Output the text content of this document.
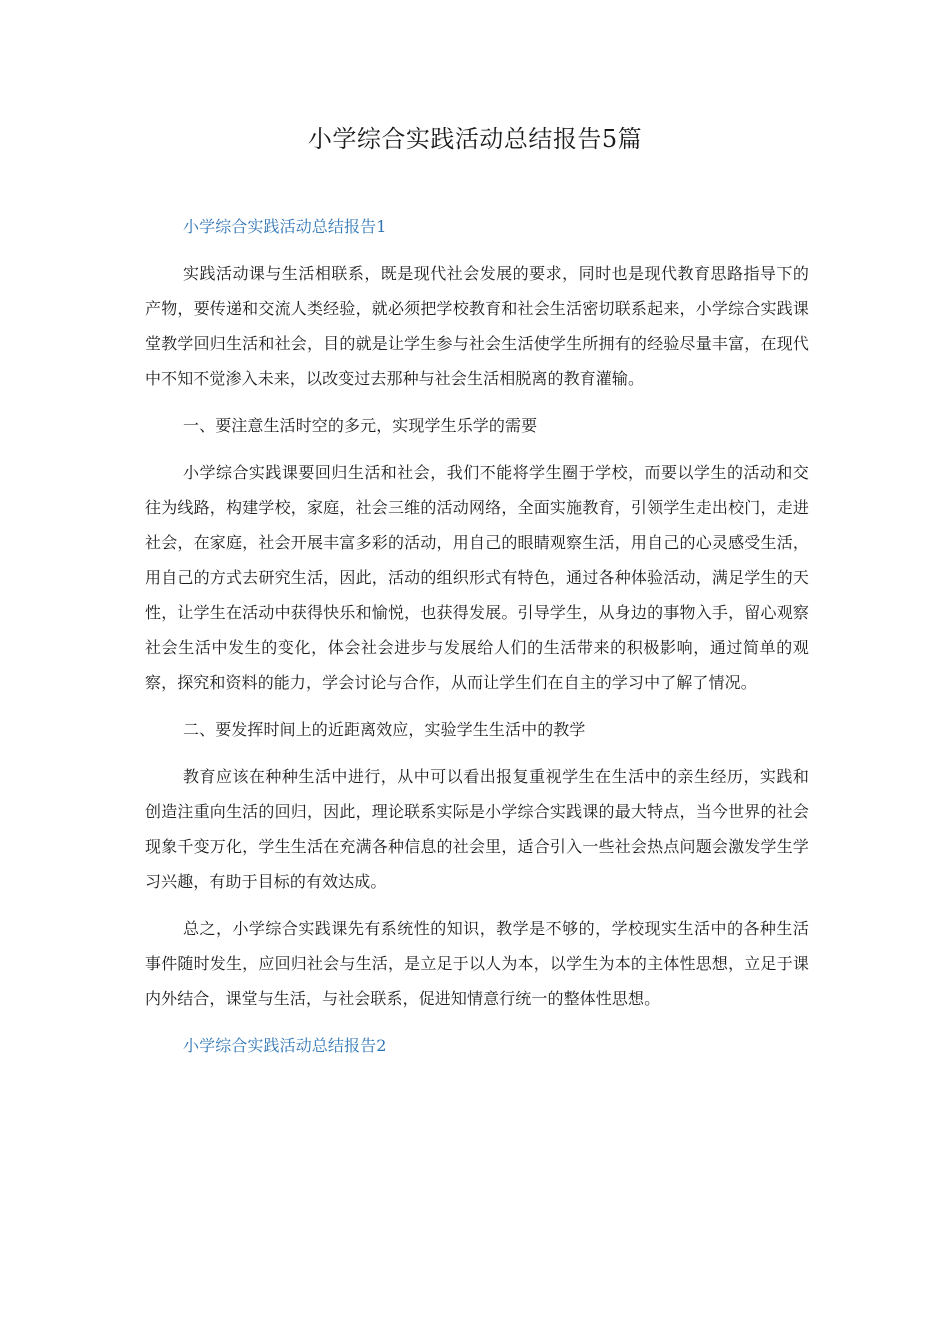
小学综合实践活动总结报告5篇

小学综合实践活动总结报告1

实践活动课与生活相联系，既是现代社会发展的要求，同时也是现代教育思路指导下的产物，要传递和交流人类经验，就必须把学校教育和社会生活密切联系起来，小学综合实践课堂教学回归生活和社会，目的就是让学生参与社会生活使学生所拥有的经验尽量丰富，在现代中不知不觉渗入未来，以改变过去那种与社会生活相脱离的教育灌输。

一、要注意生活时空的多元，实现学生乐学的需要

小学综合实践课要回归生活和社会，我们不能将学生圈于学校，而要以学生的活动和交往为线路，构建学校，家庭，社会三维的活动网络，全面实施教育，引领学生走出校门，走进社会，在家庭，社会开展丰富多彩的活动，用自己的眼睛观察生活，用自己的心灵感受生活，用自己的方式去研究生活，因此，活动的组织形式有特色，通过各种体验活动，满足学生的天性，让学生在活动中获得快乐和愉悦，也获得发展。引导学生，从身边的事物入手，留心观察社会生活中发生的变化，体会社会进步与发展给人们的生活带来的积极影响，通过简单的观察，探究和资料的能力，学会讨论与合作，从而让学生们在自主的学习中了解了情况。

二、要发挥时间上的近距离效应，实验学生生活中的教学

教育应该在种种生活中进行，从中可以看出报复重视学生在生活中的亲生经历，实践和创造注重向生活的回归，因此，理论联系实际是小学综合实践课的最大特点，当今世界的社会现象千变万化，学生生活在充满各种信息的社会里，适合引入一些社会热点问题会激发学生学习兴趣，有助于目标的有效达成。

总之，小学综合实践课先有系统性的知识，教学是不够的，学校现实生活中的各种生活事件随时发生，应回归社会与生活，是立足于以人为本，以学生为本的主体性思想，立足于课内外结合，课堂与生活，与社会联系，促进知情意行统一的整体性思想。

小学综合实践活动总结报告2
